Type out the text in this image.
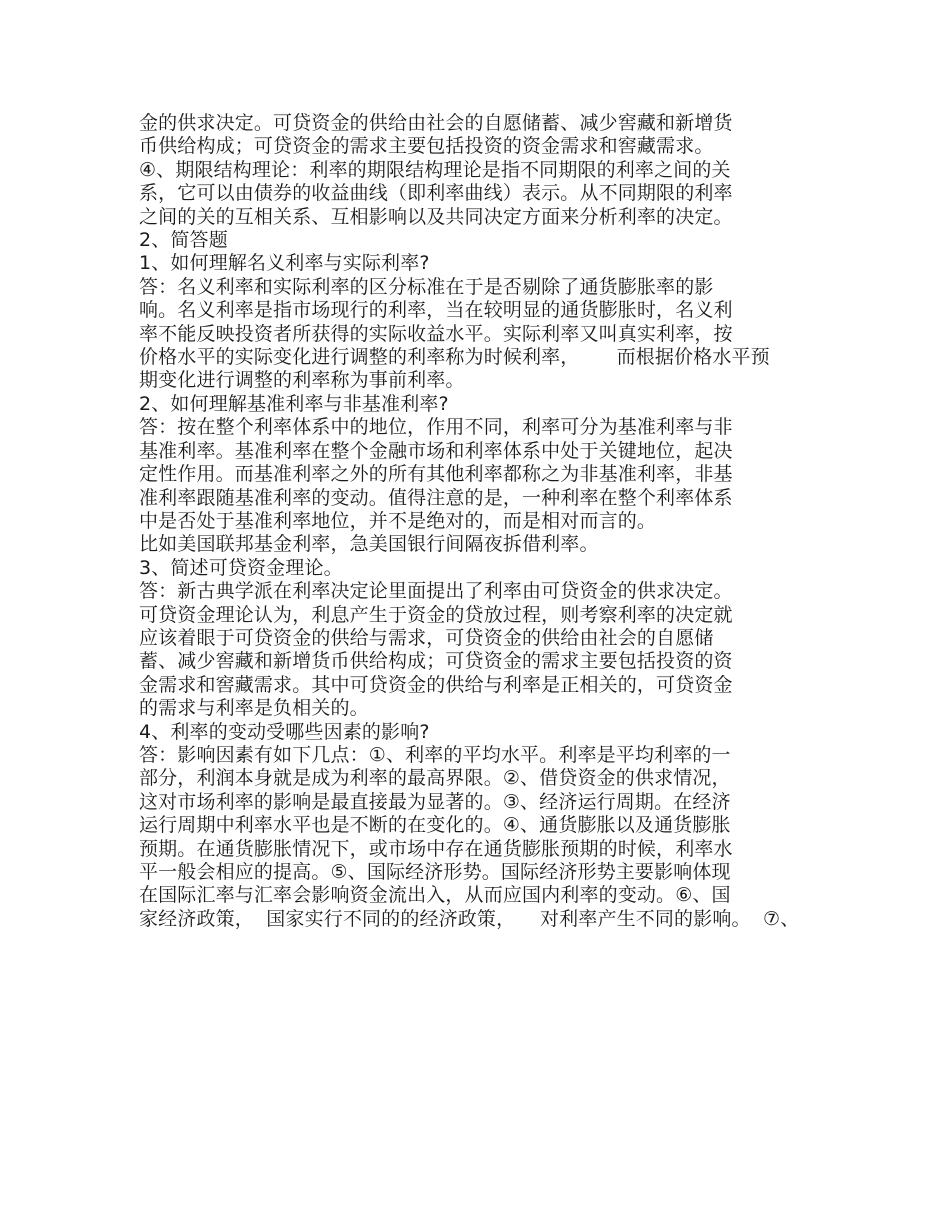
金的供求决定。可贷资金的供给由社会的自愿储蓄、减少窖藏和新增货
币供给构成；可贷资金的需求主要包括投资的资金需求和窖藏需求。
④、期限结构理论：利率的期限结构理论是指不同期限的利率之间的关
系，它可以由债券的收益曲线（即利率曲线）表示。从不同期限的利率
之间的关的互相关系、互相影响以及共同决定方面来分析利率的决定。
2、简答题
1、如何理解名义利率与实际利率?
答：名义利率和实际利率的区分标准在于是否剔除了通货膨胀率的影
响。名义利率是指市场现行的利率，当在较明显的通货膨胀时，名义利
率不能反映投资者所获得的实际收益水平。实际利率又叫真实利率，按
价格水平的实际变化进行调整的利率称为时候利率，      而根据价格水平预
期变化进行调整的利率称为事前利率。
2、如何理解基准利率与非基准利率?
答：按在整个利率体系中的地位，作用不同，利率可分为基准利率与非
基准利率。基准利率在整个金融市场和利率体系中处于关键地位，起决
定性作用。而基准利率之外的所有其他利率都称之为非基准利率，非基
准利率跟随基准利率的变动。值得注意的是，一种利率在整个利率体系
中是否处于基准利率地位，并不是绝对的，而是相对而言的。
比如美国联邦基金利率，急美国银行间隔夜拆借利率。
3、简述可贷资金理论。
答：新古典学派在利率决定论里面提出了利率由可贷资金的供求决定。
可贷资金理论认为，利息产生于资金的贷放过程，则考察利率的决定就
应该着眼于可贷资金的供给与需求，可贷资金的供给由社会的自愿储
蓄、减少窖藏和新增货币供给构成；可贷资金的需求主要包括投资的资
金需求和窖藏需求。其中可贷资金的供给与利率是正相关的，可贷资金
的需求与利率是负相关的。
4、利率的变动受哪些因素的影响?
答：影响因素有如下几点：①、利率的平均水平。利率是平均利率的一
部分，利润本身就是成为利率的最高界限。②、借贷资金的供求情况，
这对市场利率的影响是最直接最为显著的。③、经济运行周期。在经济
运行周期中利率水平也是不断的在变化的。④、通货膨胀以及通货膨胀
预期。在通货膨胀情况下，或市场中存在通货膨胀预期的时候，利率水
平一般会相应的提高。⑤、国际经济形势。国际经济形势主要影响体现
在国际汇率与汇率会影响资金流出入，从而应国内利率的变动。⑥、国
家经济政策，  国家实行不同的的经济政策，    对利率产生不同的影响。  ⑦、
